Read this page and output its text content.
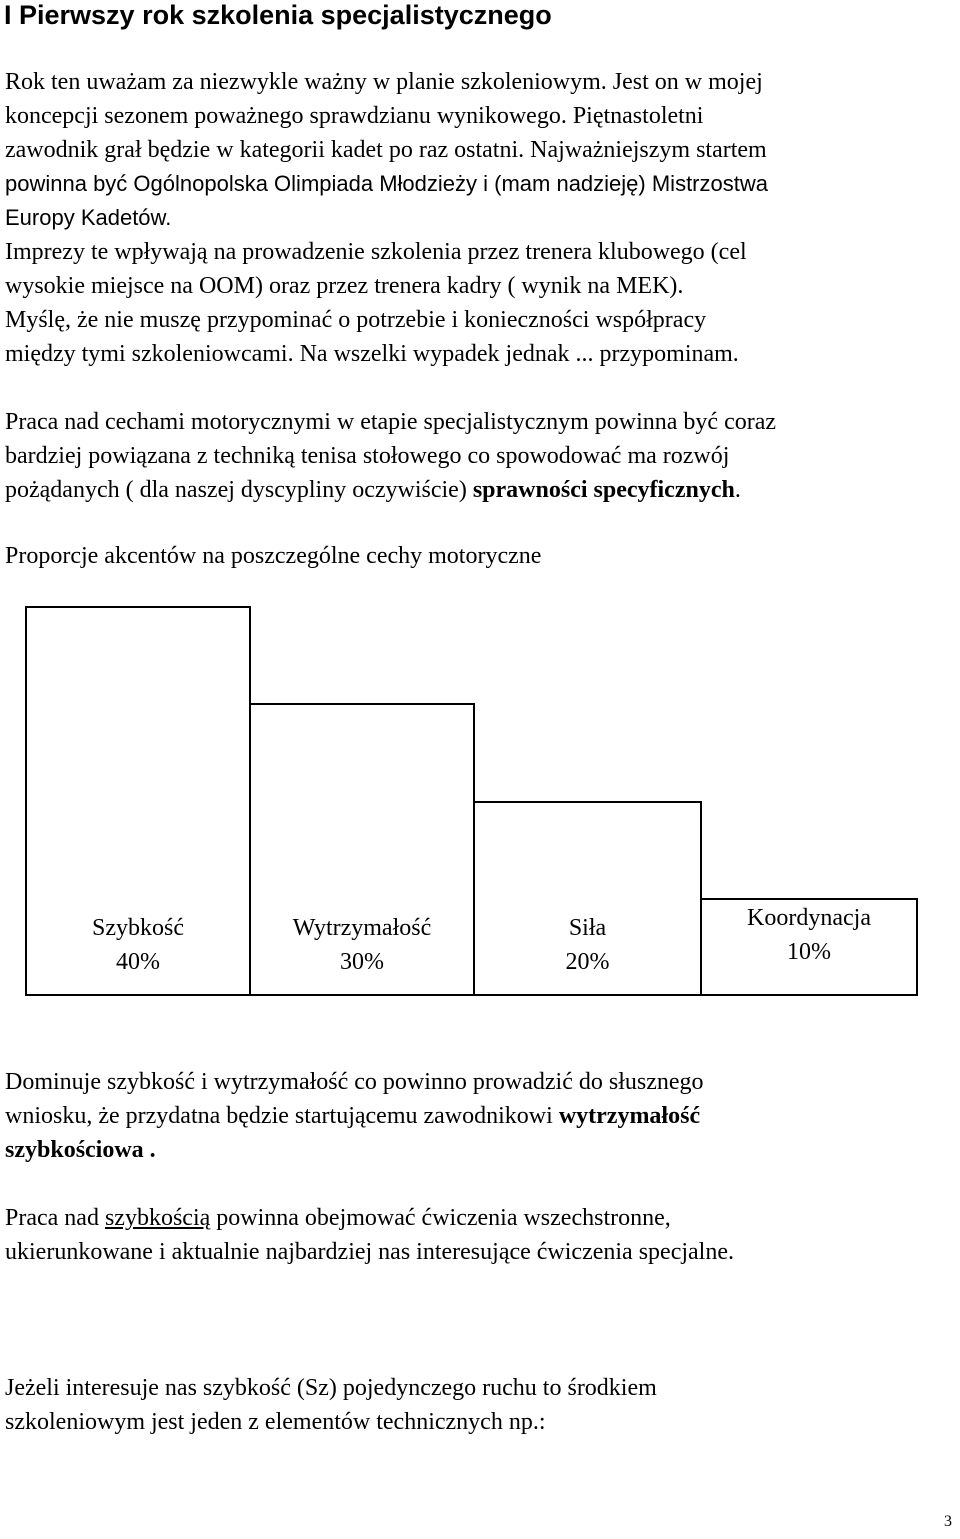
I Pierwszy rok szkolenia specjalistycznego
Rok ten uważam za niezwykle ważny w planie szkoleniowym. Jest on w mojej
koncepcji sezonem poważnego sprawdzianu wynikowego. Piętnastoletni
zawodnik grał będzie w kategorii kadet po raz ostatni. Najważniejszym startem
powinna być Ogólnopolska Olimpiada Młodzieży i (mam nadzieję) Mistrzostwa
Europy Kadetów.
Imprezy te wpływają na prowadzenie szkolenia przez trenera klubowego (cel
wysokie miejsce na OOM) oraz przez trenera kadry ( wynik na MEK).
Myślę, że nie muszę przypominać o potrzebie i konieczności współpracy
między tymi szkoleniowcami. Na wszelki wypadek jednak ... przypominam.
Praca nad cechami motorycznymi w etapie specjalistycznym powinna być coraz
bardziej powiązana z techniką tenisa stołowego co spowodować ma rozwój
pożądanych ( dla naszej dyscypliny oczywiście) sprawności specyficznych.
Proporcje akcentów na poszczególne cechy motoryczne
Szybkość
40%
Wytrzymałość
30%
Siła
20%
Koordynacja
10%
Dominuje szybkość i wytrzymałość co powinno prowadzić do słusznego
wniosku, że przydatna będzie startującemu zawodnikowi wytrzymałość
szybkościowa .
Praca nad szybkością powinna obejmować ćwiczenia wszechstronne,
ukierunkowane i aktualnie najbardziej nas interesujące ćwiczenia specjalne.
Jeżeli interesuje nas szybkość (Sz) pojedynczego ruchu to środkiem
szkoleniowym jest jeden z elementów technicznych np.:
3
